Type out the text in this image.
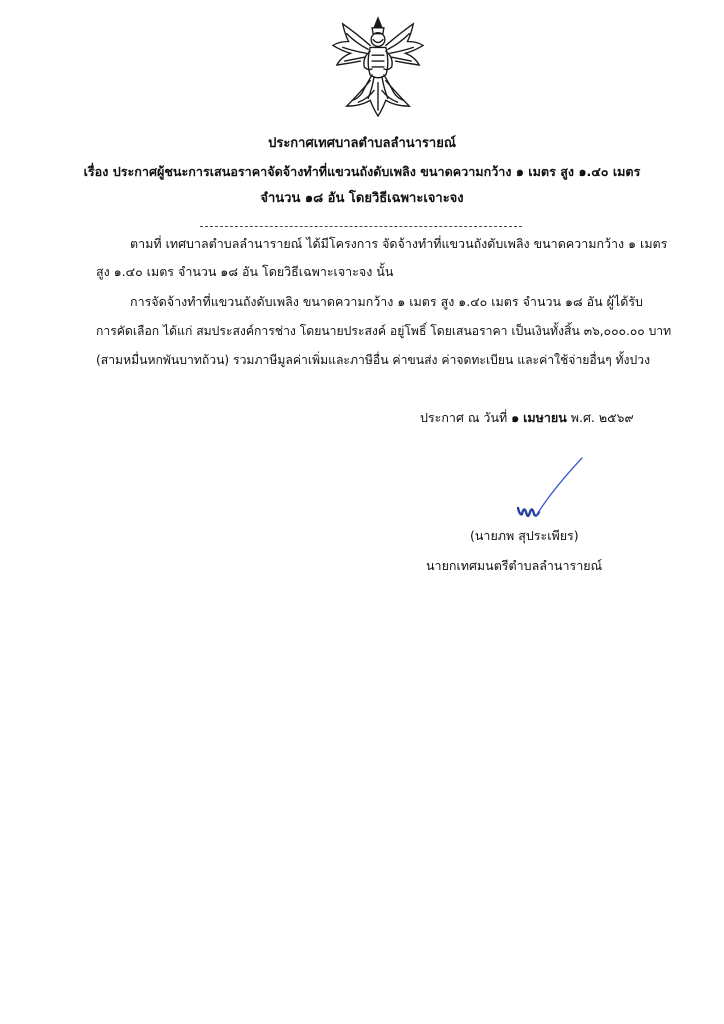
ประกาศเทศบาลตำบลลำนารายณ์
เรื่อง ประกาศผู้ชนะการเสนอราคาจัดจ้างทำที่แขวนถังดับเพลิง ขนาดความกว้าง ๑ เมตร สูง ๑.๔๐ เมตร
จำนวน ๑๘ อัน โดยวิธีเฉพาะเจาะจง
ตามที่ เทศบาลตำบลลำนารายณ์ ได้มีโครงการ จัดจ้างทำที่แขวนถังดับเพลิง ขนาดความกว้าง ๑ เมตร
สูง ๑.๔๐ เมตร จำนวน ๑๘ อัน โดยวิธีเฉพาะเจาะจง นั้น
การจัดจ้างทำที่แขวนถังดับเพลิง ขนาดความกว้าง ๑ เมตร สูง ๑.๔๐ เมตร จำนวน ๑๘ อัน ผู้ได้รับ
การคัดเลือก ได้แก่ สมประสงค์การช่าง โดยนายประสงค์ อยู่โพธิ์ โดยเสนอราคา เป็นเงินทั้งสิ้น ๓๖,๐๐๐.๐๐ บาท
(สามหมื่นหกพันบาทถ้วน) รวมภาษีมูลค่าเพิ่มและภาษีอื่น ค่าขนส่ง ค่าจดทะเบียน และค่าใช้จ่ายอื่นๆ ทั้งปวง
ประกาศ ณ วันที่ ๑ เมษายน พ.ศ. ๒๕๖๙
(นายภพ สุประเพียร)
นายกเทศมนตรีตำบลลำนารายณ์
